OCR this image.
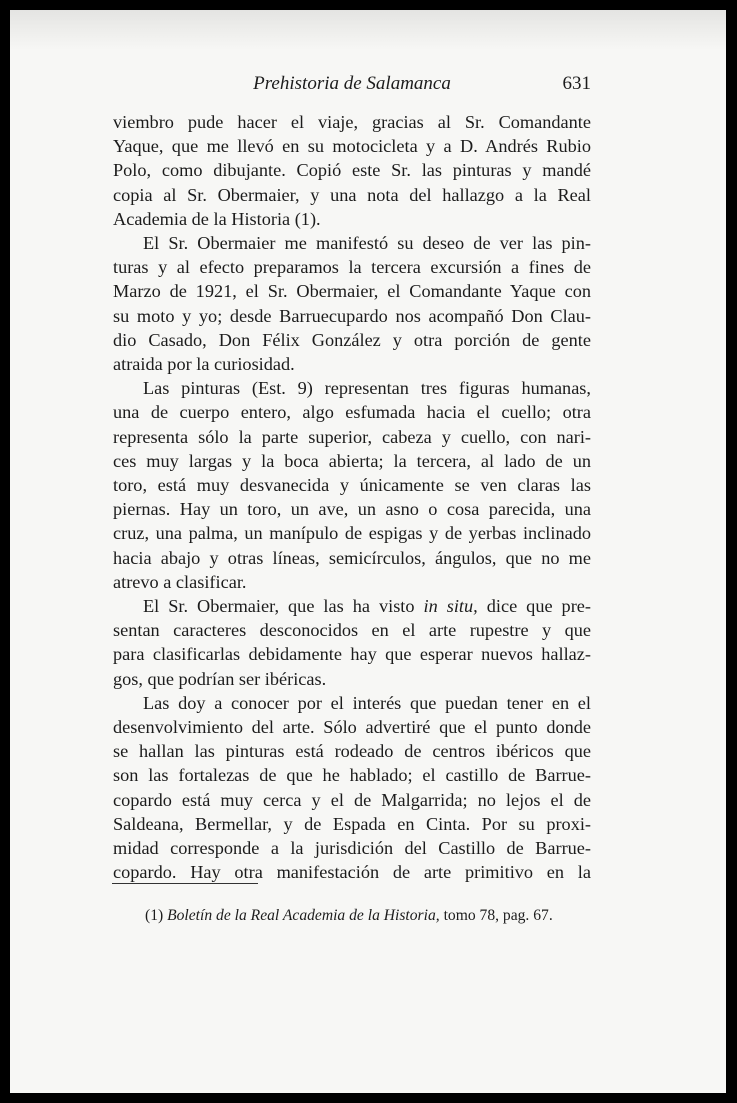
Prehistoria de Salamanca	631
viembro pude hacer el viaje, gracias al Sr. Comandante
Yaque, que me llevó en su motocicleta y a D. Andrés Rubio
Polo, como dibujante. Copió este Sr. las pinturas y mandé
copia al Sr. Obermaier, y una nota del hallazgo a la Real
Academia de la Historia (1).
El Sr. Obermaier me manifestó su deseo de ver las pin-
turas y al efecto preparamos la tercera excursión a fines de
Marzo de 1921, el Sr. Obermaier, el Comandante Yaque con
su moto y yo; desde Barruecupardo nos acompañó Don Clau-
dio Casado, Don Félix González y otra porción de gente
atraida por la curiosidad.
Las pinturas (Est. 9) representan tres figuras humanas,
una de cuerpo entero, algo esfumada hacia el cuello; otra
representa sólo la parte superior, cabeza y cuello, con nari-
ces muy largas y la boca abierta; la tercera, al lado de un
toro, está muy desvanecida y únicamente se ven claras las
piernas. Hay un toro, un ave, un asno o cosa parecida, una
cruz, una palma, un manípulo de espigas y de yerbas inclinado
hacia abajo y otras líneas, semicírculos, ángulos, que no me
atrevo a clasificar.
El Sr. Obermaier, que las ha visto in situ, dice que pre-
sentan caracteres desconocidos en el arte rupestre y que
para clasificarlas debidamente hay que esperar nuevos hallaz-
gos, que podrían ser ibéricas.
Las doy a conocer por el interés que puedan tener en el
desenvolvimiento del arte. Sólo advertiré que el punto donde
se hallan las pinturas está rodeado de centros ibéricos que
son las fortalezas de que he hablado; el castillo de Barrue-
copardo está muy cerca y el de Malgarrida; no lejos el de
Saldeana, Bermellar, y de Espada en Cinta. Por su proxi-
midad corresponde a la jurisdición del Castillo de Barrue-
copardo. Hay otra manifestación de arte primitivo en la
(1) Boletín de la Real Academia de la Historia, tomo 78, pag. 67.
